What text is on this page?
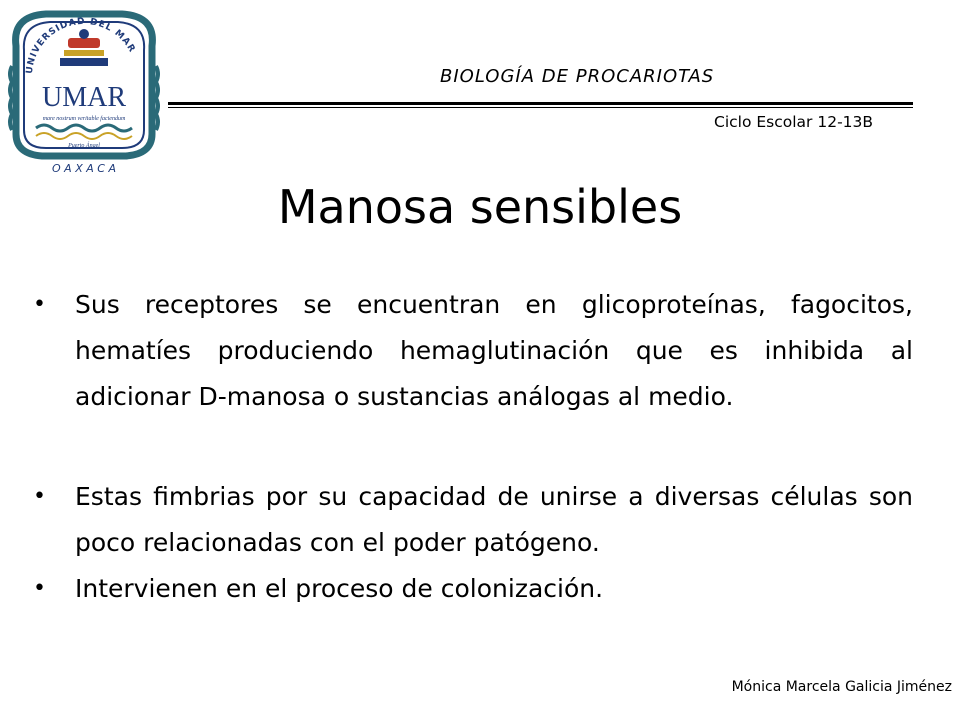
UNIVERSIDAD DEL MAR
UMAR
mare nostrum veritable faciendum
Puerto Ángel
O A X A C A
BIOLOGÍA DE PROCARIOTAS
Ciclo Escolar 12-13B
Manosa sensibles
• Sus receptores se encuentran en glicoproteínas, fagocitos, hematíes produciendo hemaglutinación que es inhibida al adicionar D-manosa o sustancias análogas al medio.
• Estas fimbrias por su capacidad de unirse a diversas células son poco relacionadas con el poder patógeno.
• Intervienen en el proceso de colonización.
Mónica Marcela Galicia Jiménez
